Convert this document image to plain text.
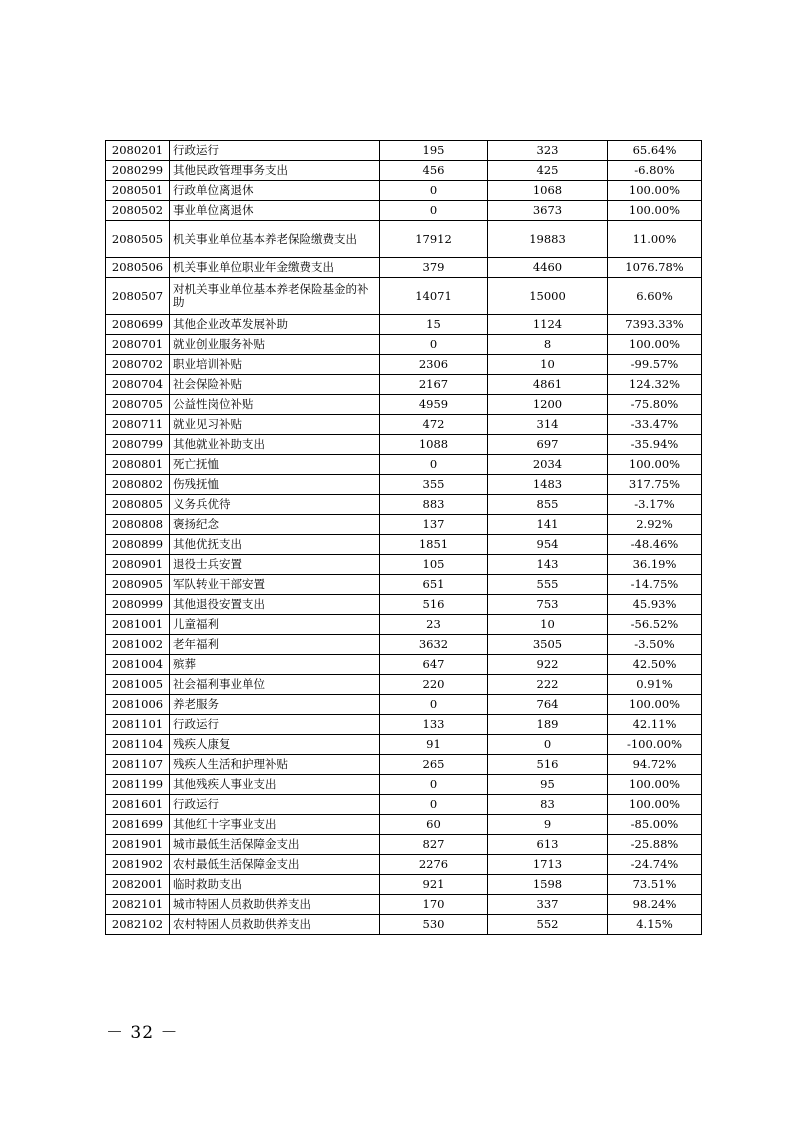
2080201	行政运行	195	323	65.64%
2080299	其他民政管理事务支出	456	425	-6.80%
2080501	行政单位离退休	0	1068	100.00%
2080502	事业单位离退休	0	3673	100.00%
2080505	机关事业单位基本养老保险缴费支出	17912	19883	11.00%
2080506	机关事业单位职业年金缴费支出	379	4460	1076.78%
2080507	对机关事业单位基本养老保险基金的补助	14071	15000	6.60%
2080699	其他企业改革发展补助	15	1124	7393.33%
2080701	就业创业服务补贴	0	8	100.00%
2080702	职业培训补贴	2306	10	-99.57%
2080704	社会保险补贴	2167	4861	124.32%
2080705	公益性岗位补贴	4959	1200	-75.80%
2080711	就业见习补贴	472	314	-33.47%
2080799	其他就业补助支出	1088	697	-35.94%
2080801	死亡抚恤	0	2034	100.00%
2080802	伤残抚恤	355	1483	317.75%
2080805	义务兵优待	883	855	-3.17%
2080808	褒扬纪念	137	141	2.92%
2080899	其他优抚支出	1851	954	-48.46%
2080901	退役士兵安置	105	143	36.19%
2080905	军队转业干部安置	651	555	-14.75%
2080999	其他退役安置支出	516	753	45.93%
2081001	儿童福利	23	10	-56.52%
2081002	老年福利	3632	3505	-3.50%
2081004	殡葬	647	922	42.50%
2081005	社会福利事业单位	220	222	0.91%
2081006	养老服务	0	764	100.00%
2081101	行政运行	133	189	42.11%
2081104	残疾人康复	91	0	-100.00%
2081107	残疾人生活和护理补贴	265	516	94.72%
2081199	其他残疾人事业支出	0	95	100.00%
2081601	行政运行	0	83	100.00%
2081699	其他红十字事业支出	60	9	-85.00%
2081901	城市最低生活保障金支出	827	613	-25.88%
2081902	农村最低生活保障金支出	2276	1713	-24.74%
2082001	临时救助支出	921	1598	73.51%
2082101	城市特困人员救助供养支出	170	337	98.24%
2082102	农村特困人员救助供养支出	530	552	4.15%
－ 32 －
